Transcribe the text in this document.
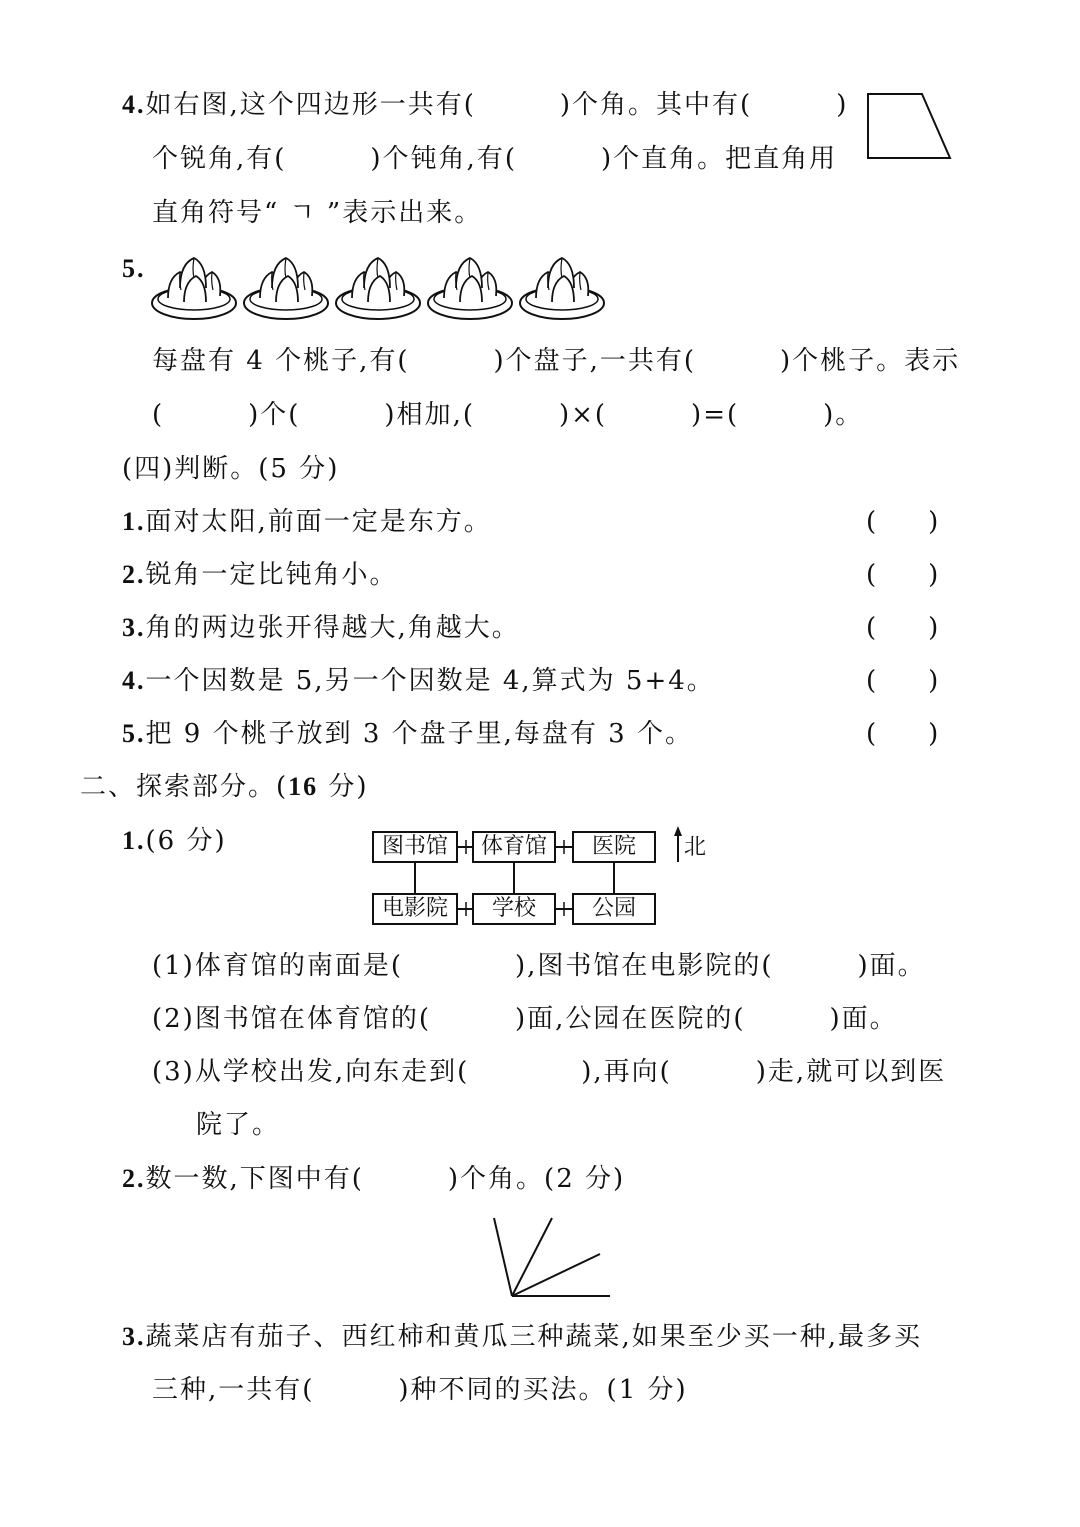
4.如右图,这个四边形一共有(　　　)个角。其中有(　　　)
个锐角,有(　　　)个钝角,有(　　　)个直角。把直角用
直角符号“ ㄱ ”表示出来。
5.
每盘有 4 个桃子,有(　　　)个盘子,一共有(　　　)个桃子。表示
(　　　)个(　　　)相加,(　　　)×(　　　)=(　　　)。
(四)判断。(5 分)
1.面对太阳,前面一定是东方。	(　　)
2.锐角一定比钝角小。	(　　)
3.角的两边张开得越大,角越大。	(　　)
4.一个因数是 5,另一个因数是 4,算式为 5+4。	(　　)
5.把 9 个桃子放到 3 个盘子里,每盘有 3 个。	(　　)
二、探索部分。(16 分)
1.(6 分)	图书馆	体育馆	医院
电影院	学校	公园
北
(1)体育馆的南面是(　　　　),图书馆在电影院的(　　　)面。
(2)图书馆在体育馆的(　　　)面,公园在医院的(　　　)面。
(3)从学校出发,向东走到(　　　　),再向(　　　)走,就可以到医
院了。
2.数一数,下图中有(　　　)个角。(2 分)
3.蔬菜店有茄子、西红柿和黄瓜三种蔬菜,如果至少买一种,最多买
三种,一共有(　　　)种不同的买法。(1 分)
